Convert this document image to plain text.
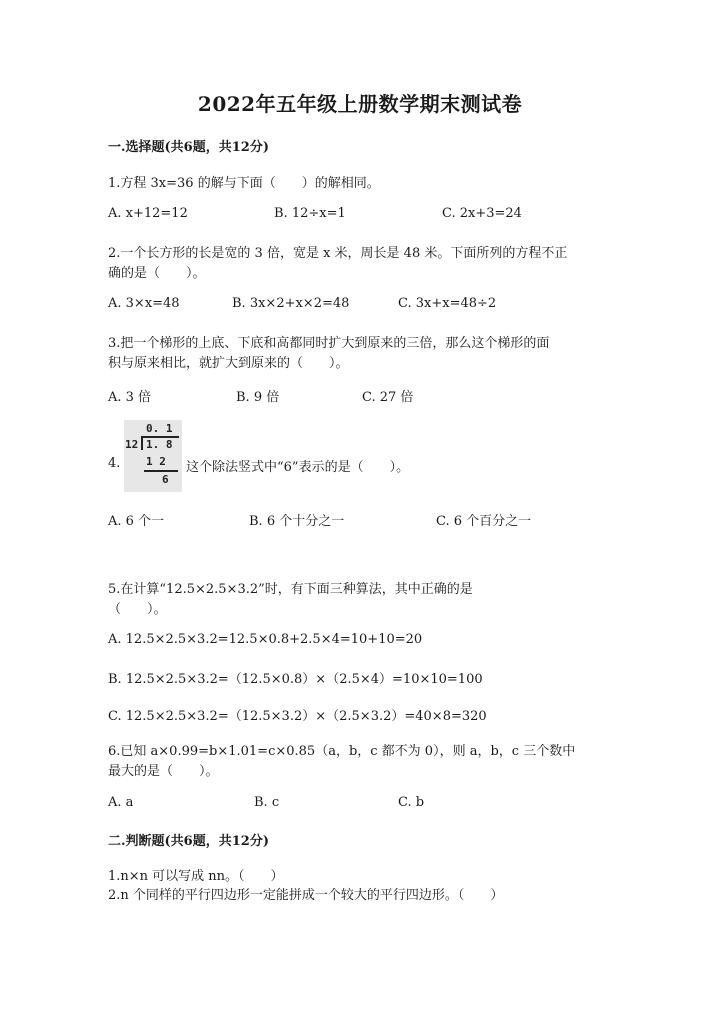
2022年五年级上册数学期末测试卷
一.选择题(共6题，共12分)
1.方程 3x=36 的解与下面（　　）的解相同。
A. x+12=12	B. 12÷x=1	C. 2x+3=24
2.一个长方形的长是宽的 3 倍，宽是 x 米，周长是 48 米。下面所列的方程不正
确的是（　　）。
A. 3×x=48	B. 3x×2+x×2=48	C. 3x+x=48÷2
3.把一个梯形的上底、下底和高都同时扩大到原来的三倍，那么这个梯形的面
积与原来相比，就扩大到原来的（　　）。
A. 3 倍	B. 9 倍	C. 27 倍
4.
0. 1
12 1. 8
1 2
6
这个除法竖式中“6”表示的是（　　）。
A. 6 个一	B. 6 个十分之一	C. 6 个百分之一
5.在计算“12.5×2.5×3.2”时，有下面三种算法，其中正确的是
（　　）。
A. 12.5×2.5×3.2=12.5×0.8+2.5×4=10+10=20
B. 12.5×2.5×3.2=（12.5×0.8）×（2.5×4）=10×10=100
C. 12.5×2.5×3.2=（12.5×3.2）×（2.5×3.2）=40×8=320
6.已知 a×0.99=b×1.01=c×0.85（a，b，c 都不为 0），则 a，b，c 三个数中
最大的是（　　）。
A. a	B. c	C. b
二.判断题(共6题，共12分)
1.n×n 可以写成 nn。（　　）
2.n 个同样的平行四边形一定能拼成一个较大的平行四边形。（　　）
